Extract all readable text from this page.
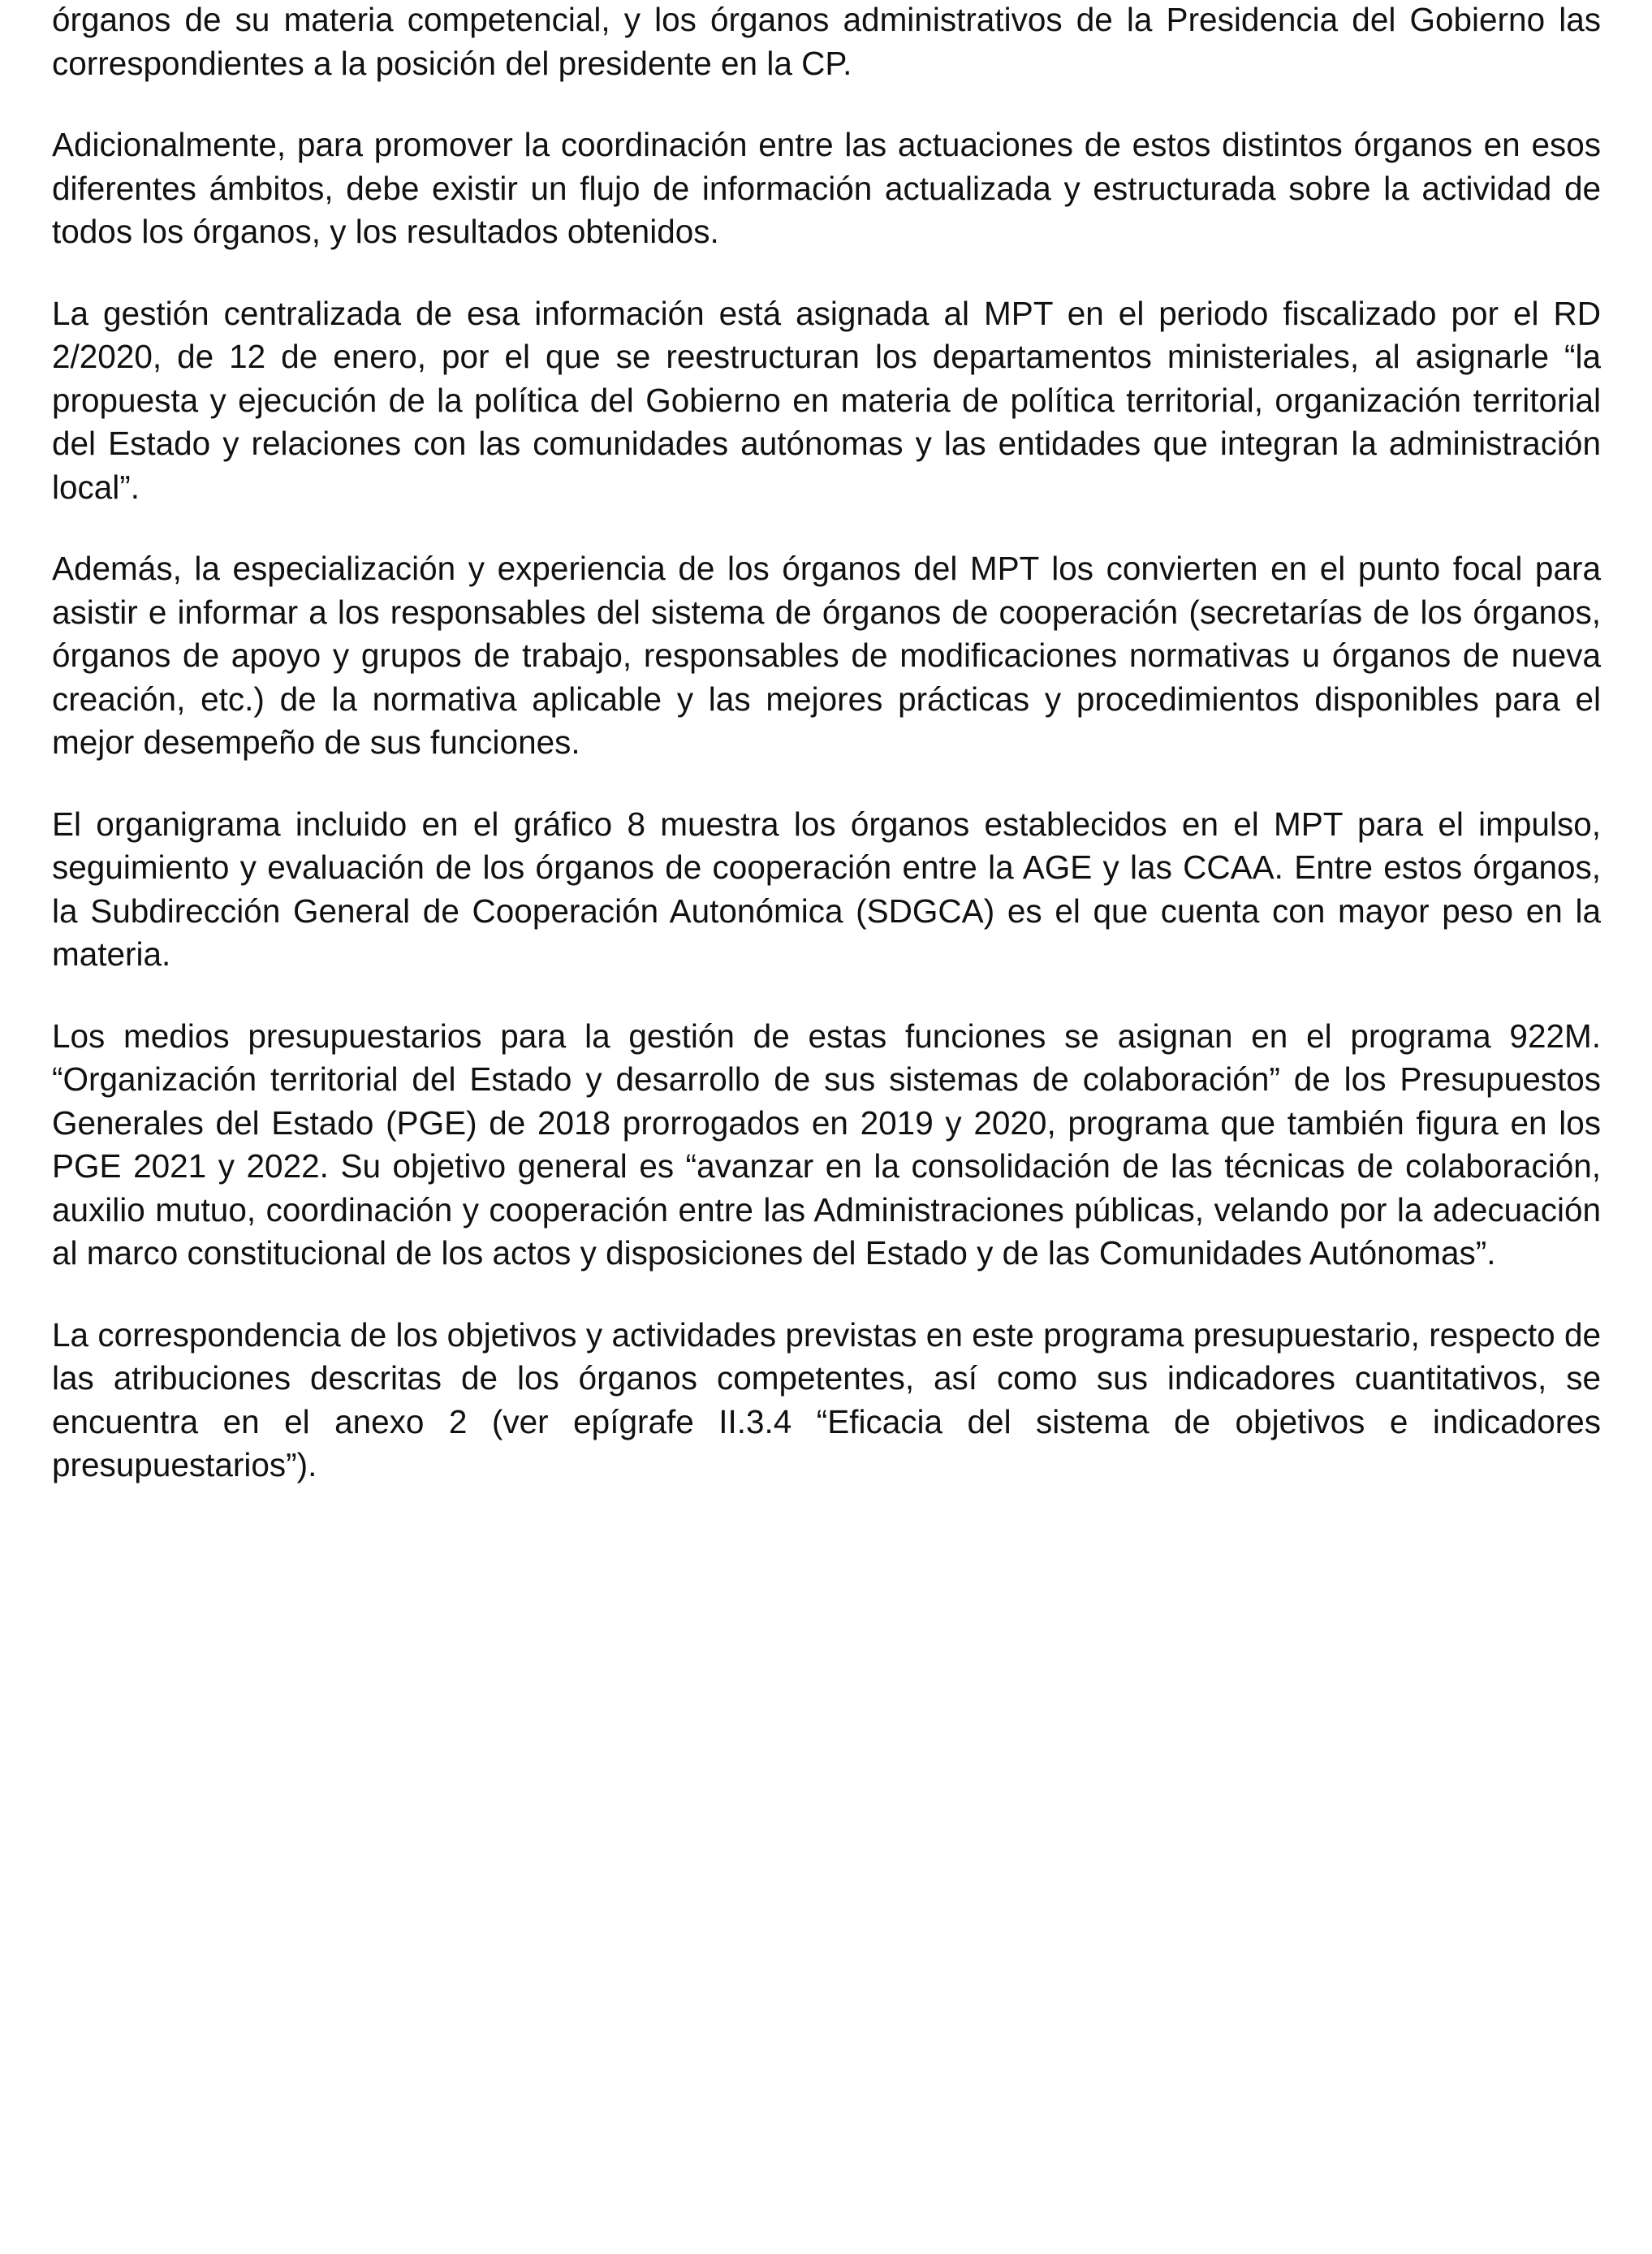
órganos de su materia competencial, y los órganos administrativos de la Presidencia del Gobierno las correspondientes a la posición del presidente en la CP.

Adicionalmente, para promover la coordinación entre las actuaciones de estos distintos órganos en esos diferentes ámbitos, debe existir un flujo de información actualizada y estructurada sobre la actividad de todos los órganos, y los resultados obtenidos.

La gestión centralizada de esa información está asignada al MPT en el periodo fiscalizado por el RD 2/2020, de 12 de enero, por el que se reestructuran los departamentos ministeriales, al asignarle “la propuesta y ejecución de la política del Gobierno en materia de política territorial, organización territorial del Estado y relaciones con las comunidades autónomas y las entidades que integran la administración local”.

Además, la especialización y experiencia de los órganos del MPT los convierten en el punto focal para asistir e informar a los responsables del sistema de órganos de cooperación (secretarías de los órganos, órganos de apoyo y grupos de trabajo, responsables de modificaciones normativas u órganos de nueva creación, etc.) de la normativa aplicable y las mejores prácticas y procedimientos disponibles para el mejor desempeño de sus funciones.

El organigrama incluido en el gráfico 8 muestra los órganos establecidos en el MPT para el impulso, seguimiento y evaluación de los órganos de cooperación entre la AGE y las CCAA. Entre estos órganos, la Subdirección General de Cooperación Autonómica (SDGCA) es el que cuenta con mayor peso en la materia.

Los medios presupuestarios para la gestión de estas funciones se asignan en el programa 922M. “Organización territorial del Estado y desarrollo de sus sistemas de colaboración” de los Presupuestos Generales del Estado (PGE) de 2018 prorrogados en 2019 y 2020, programa que también figura en los PGE 2021 y 2022. Su objetivo general es “avanzar en la consolidación de las técnicas de colaboración, auxilio mutuo, coordinación y cooperación entre las Administraciones públicas, velando por la adecuación al marco constitucional de los actos y disposiciones del Estado y de las Comunidades Autónomas”.

La correspondencia de los objetivos y actividades previstas en este programa presupuestario, respecto de las atribuciones descritas de los órganos competentes, así como sus indicadores cuantitativos, se encuentra en el anexo 2 (ver epígrafe II.3.4 “Eficacia del sistema de objetivos e indicadores presupuestarios”).
